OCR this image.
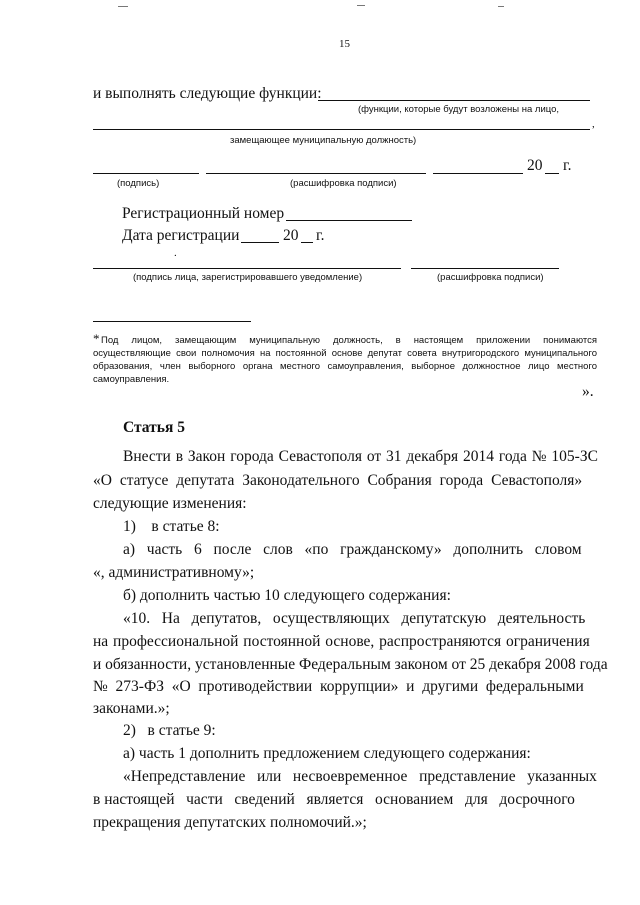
15
и выполнять следующие функции:
(функции, которые будут возложены на лицо,
,
замещающее муниципальную должность)
20 г.
(подпись)	(расшифровка подписи)
Регистрационный номер
Дата регистрации	20 г.
.
(подпись лица, зарегистрировавшего уведомление)	(расшифровка подписи)
* Под лицом, замещающим муниципальную должность, в настоящем приложении понимаются
осуществляющие свои полномочия на постоянной основе депутат совета внутригородского муниципального
образования, член выборного органа местного самоуправления, выборное должностное лицо местного
самоуправления.
».
Статья 5
Внести в Закон города Севастополя от 31 декабря 2014 года № 105-ЗС
«О статусе депутата Законодательного Собрания города Севастополя»
следующие изменения:
1)    в статье 8:
а)  часть  6  после  слов  «по  гражданскому»  дополнить  словом
«, административному»;
б) дополнить частью 10 следующего содержания:
«10.   На   депутатов,   осуществляющих   депутатскую   деятельность
на профессиональной постоянной основе, распространяются ограничения
и обязанности, установленные Федеральным законом от 25 декабря 2008 года
№  273-ФЗ  «О  противодействии  коррупции»  и  другими  федеральными
законами.»;
2)   в статье 9:
а) часть 1 дополнить предложением следующего содержания:
«Непредставление   или   несвоевременное   представление   указанных
в настоящей   части   сведений   является   основанием   для   досрочного
прекращения депутатских полномочий.»;
